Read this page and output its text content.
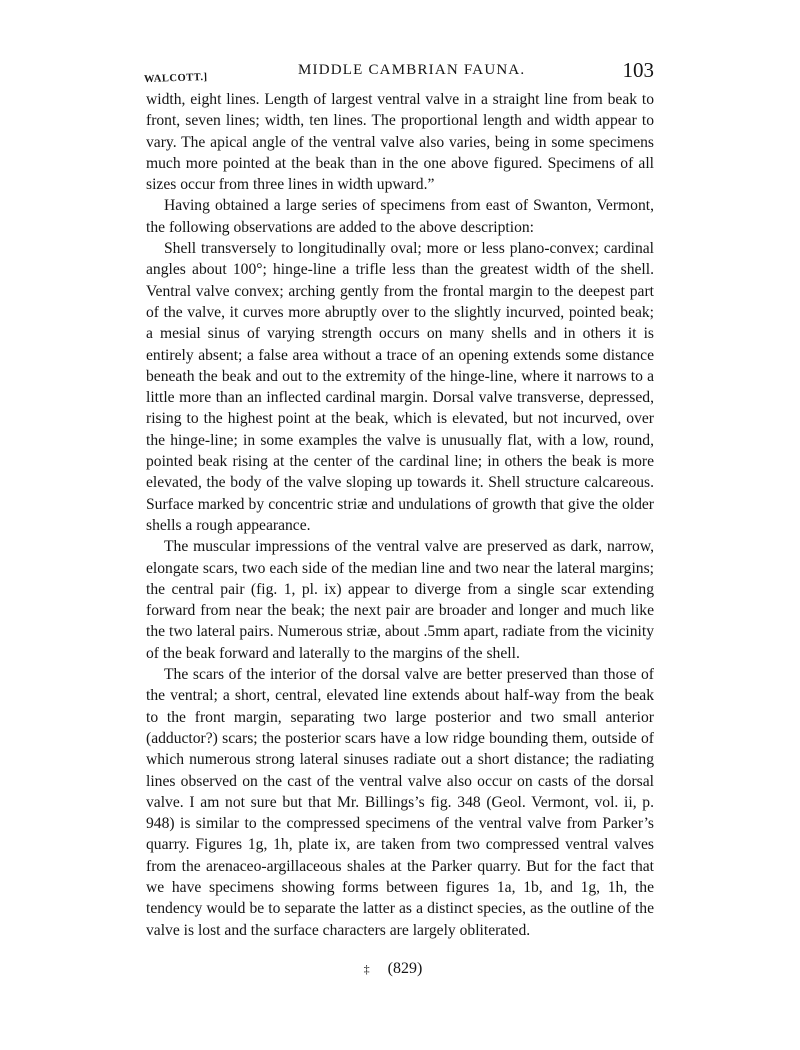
WALCOTT.]
MIDDLE CAMBRIAN FAUNA.	103

width, eight lines. Length of largest ventral valve in a straight line from beak to front, seven lines; width, ten lines. The proportional length and width appear to vary. The apical angle of the ventral valve also varies, being in some specimens much more pointed at the beak than in the one above figured. Specimens of all sizes occur from three lines in width upward.”

Having obtained a large series of specimens from east of Swanton, Vermont, the following observations are added to the above description:

Shell transversely to longitudinally oval; more or less plano-convex; cardinal angles about 100°; hinge-line a trifle less than the greatest width of the shell. Ventral valve convex; arching gently from the frontal margin to the deepest part of the valve, it curves more abruptly over to the slightly incurved, pointed beak; a mesial sinus of varying strength occurs on many shells and in others it is entirely absent; a false area without a trace of an opening extends some distance beneath the beak and out to the extremity of the hinge-line, where it narrows to a little more than an inflected cardinal margin. Dorsal valve transverse, depressed, rising to the highest point at the beak, which is elevated, but not incurved, over the hinge-line; in some examples the valve is unusually flat, with a low, round, pointed beak rising at the center of the cardinal line; in others the beak is more elevated, the body of the valve sloping up towards it. Shell structure calcareous. Surface marked by concentric striæ and undulations of growth that give the older shells a rough appearance.

The muscular impressions of the ventral valve are preserved as dark, narrow, elongate scars, two each side of the median line and two near the lateral margins; the central pair (fig. 1, pl. ix) appear to diverge from a single scar extending forward from near the beak; the next pair are broader and longer and much like the two lateral pairs. Numerous striæ, about .5mm apart, radiate from the vicinity of the beak forward and laterally to the margins of the shell.

The scars of the interior of the dorsal valve are better preserved than those of the ventral; a short, central, elevated line extends about half-way from the beak to the front margin, separating two large posterior and two small anterior (adductor?) scars; the posterior scars have a low ridge bounding them, outside of which numerous strong lateral sinuses radiate out a short distance; the radiating lines observed on the cast of the ventral valve also occur on casts of the dorsal valve. I am not sure but that Mr. Billings’s fig. 348 (Geol. Vermont, vol. ii, p. 948) is similar to the compressed specimens of the ventral valve from Parker’s quarry. Figures 1g, 1h, plate ix, are taken from two compressed ventral valves from the arenaceo-argillaceous shales at the Parker quarry. But for the fact that we have specimens showing forms between figures 1a, 1b, and 1g, 1h, the tendency would be to separate the latter as a distinct species, as the outline of the valve is lost and the surface characters are largely obliterated.

‡ (829)
